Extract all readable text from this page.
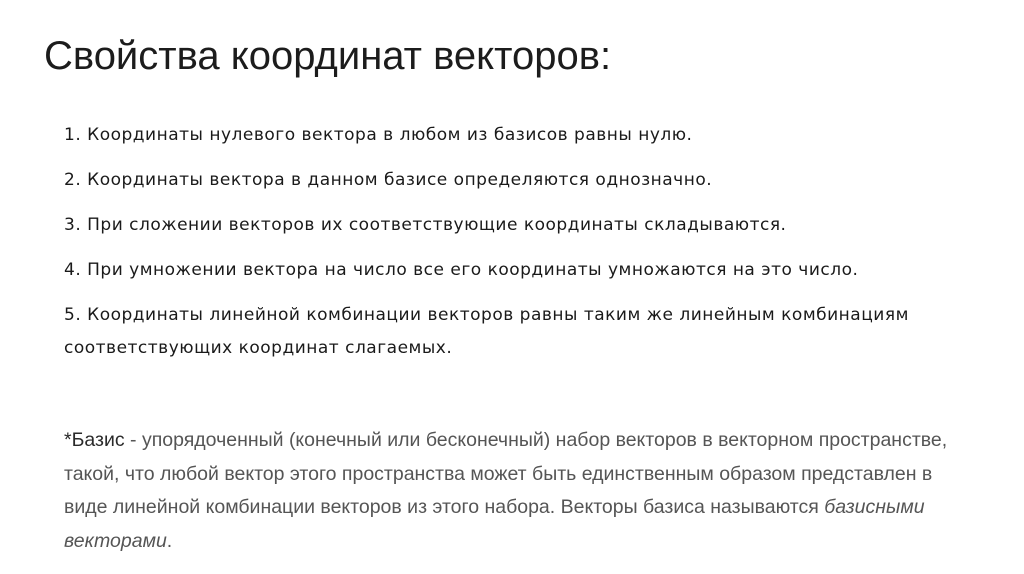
Свойства координат векторов:
1. Координаты нулевого вектора в любом из базисов равны нулю.
2. Координаты вектора в данном базисе определяются однозначно.
3. При сложении векторов их соответствующие координаты складываются.
4. При умножении вектора на число все его координаты умножаются на это число.
5. Координаты линейной комбинации векторов равны таким же линейным комбинациям соответствующих координат слагаемых.

*Базис - упорядоченный (конечный или бесконечный) набор векторов в векторном пространстве, такой, что любой вектор этого пространства может быть единственным образом представлен в виде линейной комбинации векторов из этого набора. Векторы базиса называются базисными векторами.
